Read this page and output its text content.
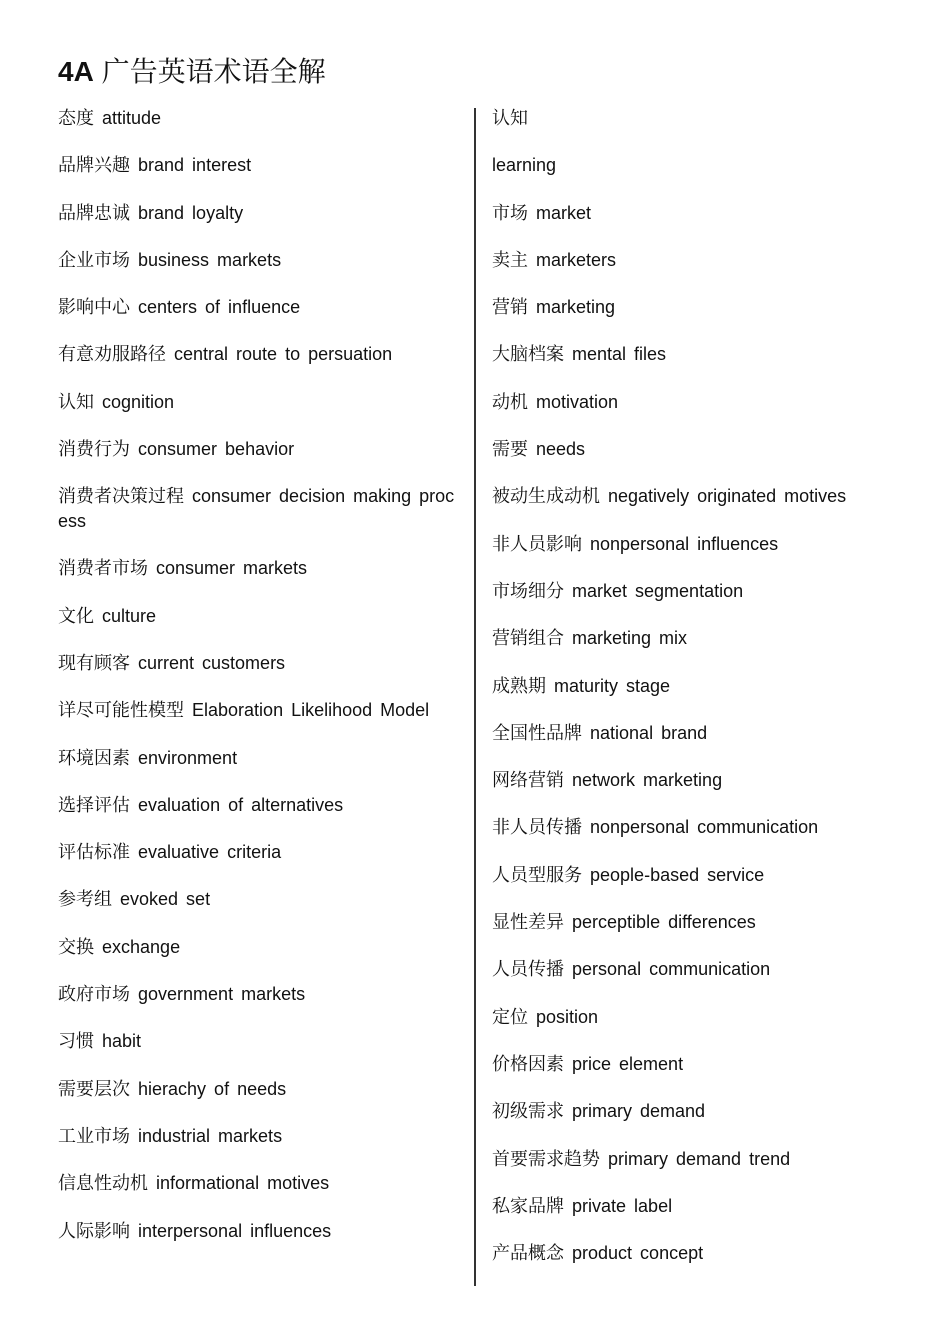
4A 广告英语术语全解
态度 attitude
品牌兴趣 brand interest
品牌忠诚 brand loyalty
企业市场 business markets
影响中心 centers of influence
有意劝服路径 central route to persuation
认知 cognition
消费行为 consumer behavior
消费者决策过程 consumer decision making process
消费者市场 consumer markets
文化 culture
现有顾客 current customers
详尽可能性模型 Elaboration Likelihood Model
环境因素 environment
选择评估 evaluation of alternatives
评估标准 evaluative criteria
参考组 evoked set
交换 exchange
政府市场 government markets
习惯 habit
需要层次 hierachy of needs
工业市场 industrial markets
信息性动机 informational motives
人际影响 interpersonal influences
认知
learning
市场 market
卖主 marketers
营销 marketing
大脑档案 mental files
动机 motivation
需要 needs
被动生成动机 negatively originated motives
非人员影响 nonpersonal influences
市场细分 market segmentation
营销组合 marketing mix
成熟期 maturity stage
全国性品牌 national brand
网络营销 network marketing
非人员传播 nonpersonal communication
人员型服务 people-based service
显性差异 perceptible differences
人员传播 personal communication
定位 position
价格因素 price element
初级需求 primary demand
首要需求趋势 primary demand trend
私家品牌 private label
产品概念 product concept
